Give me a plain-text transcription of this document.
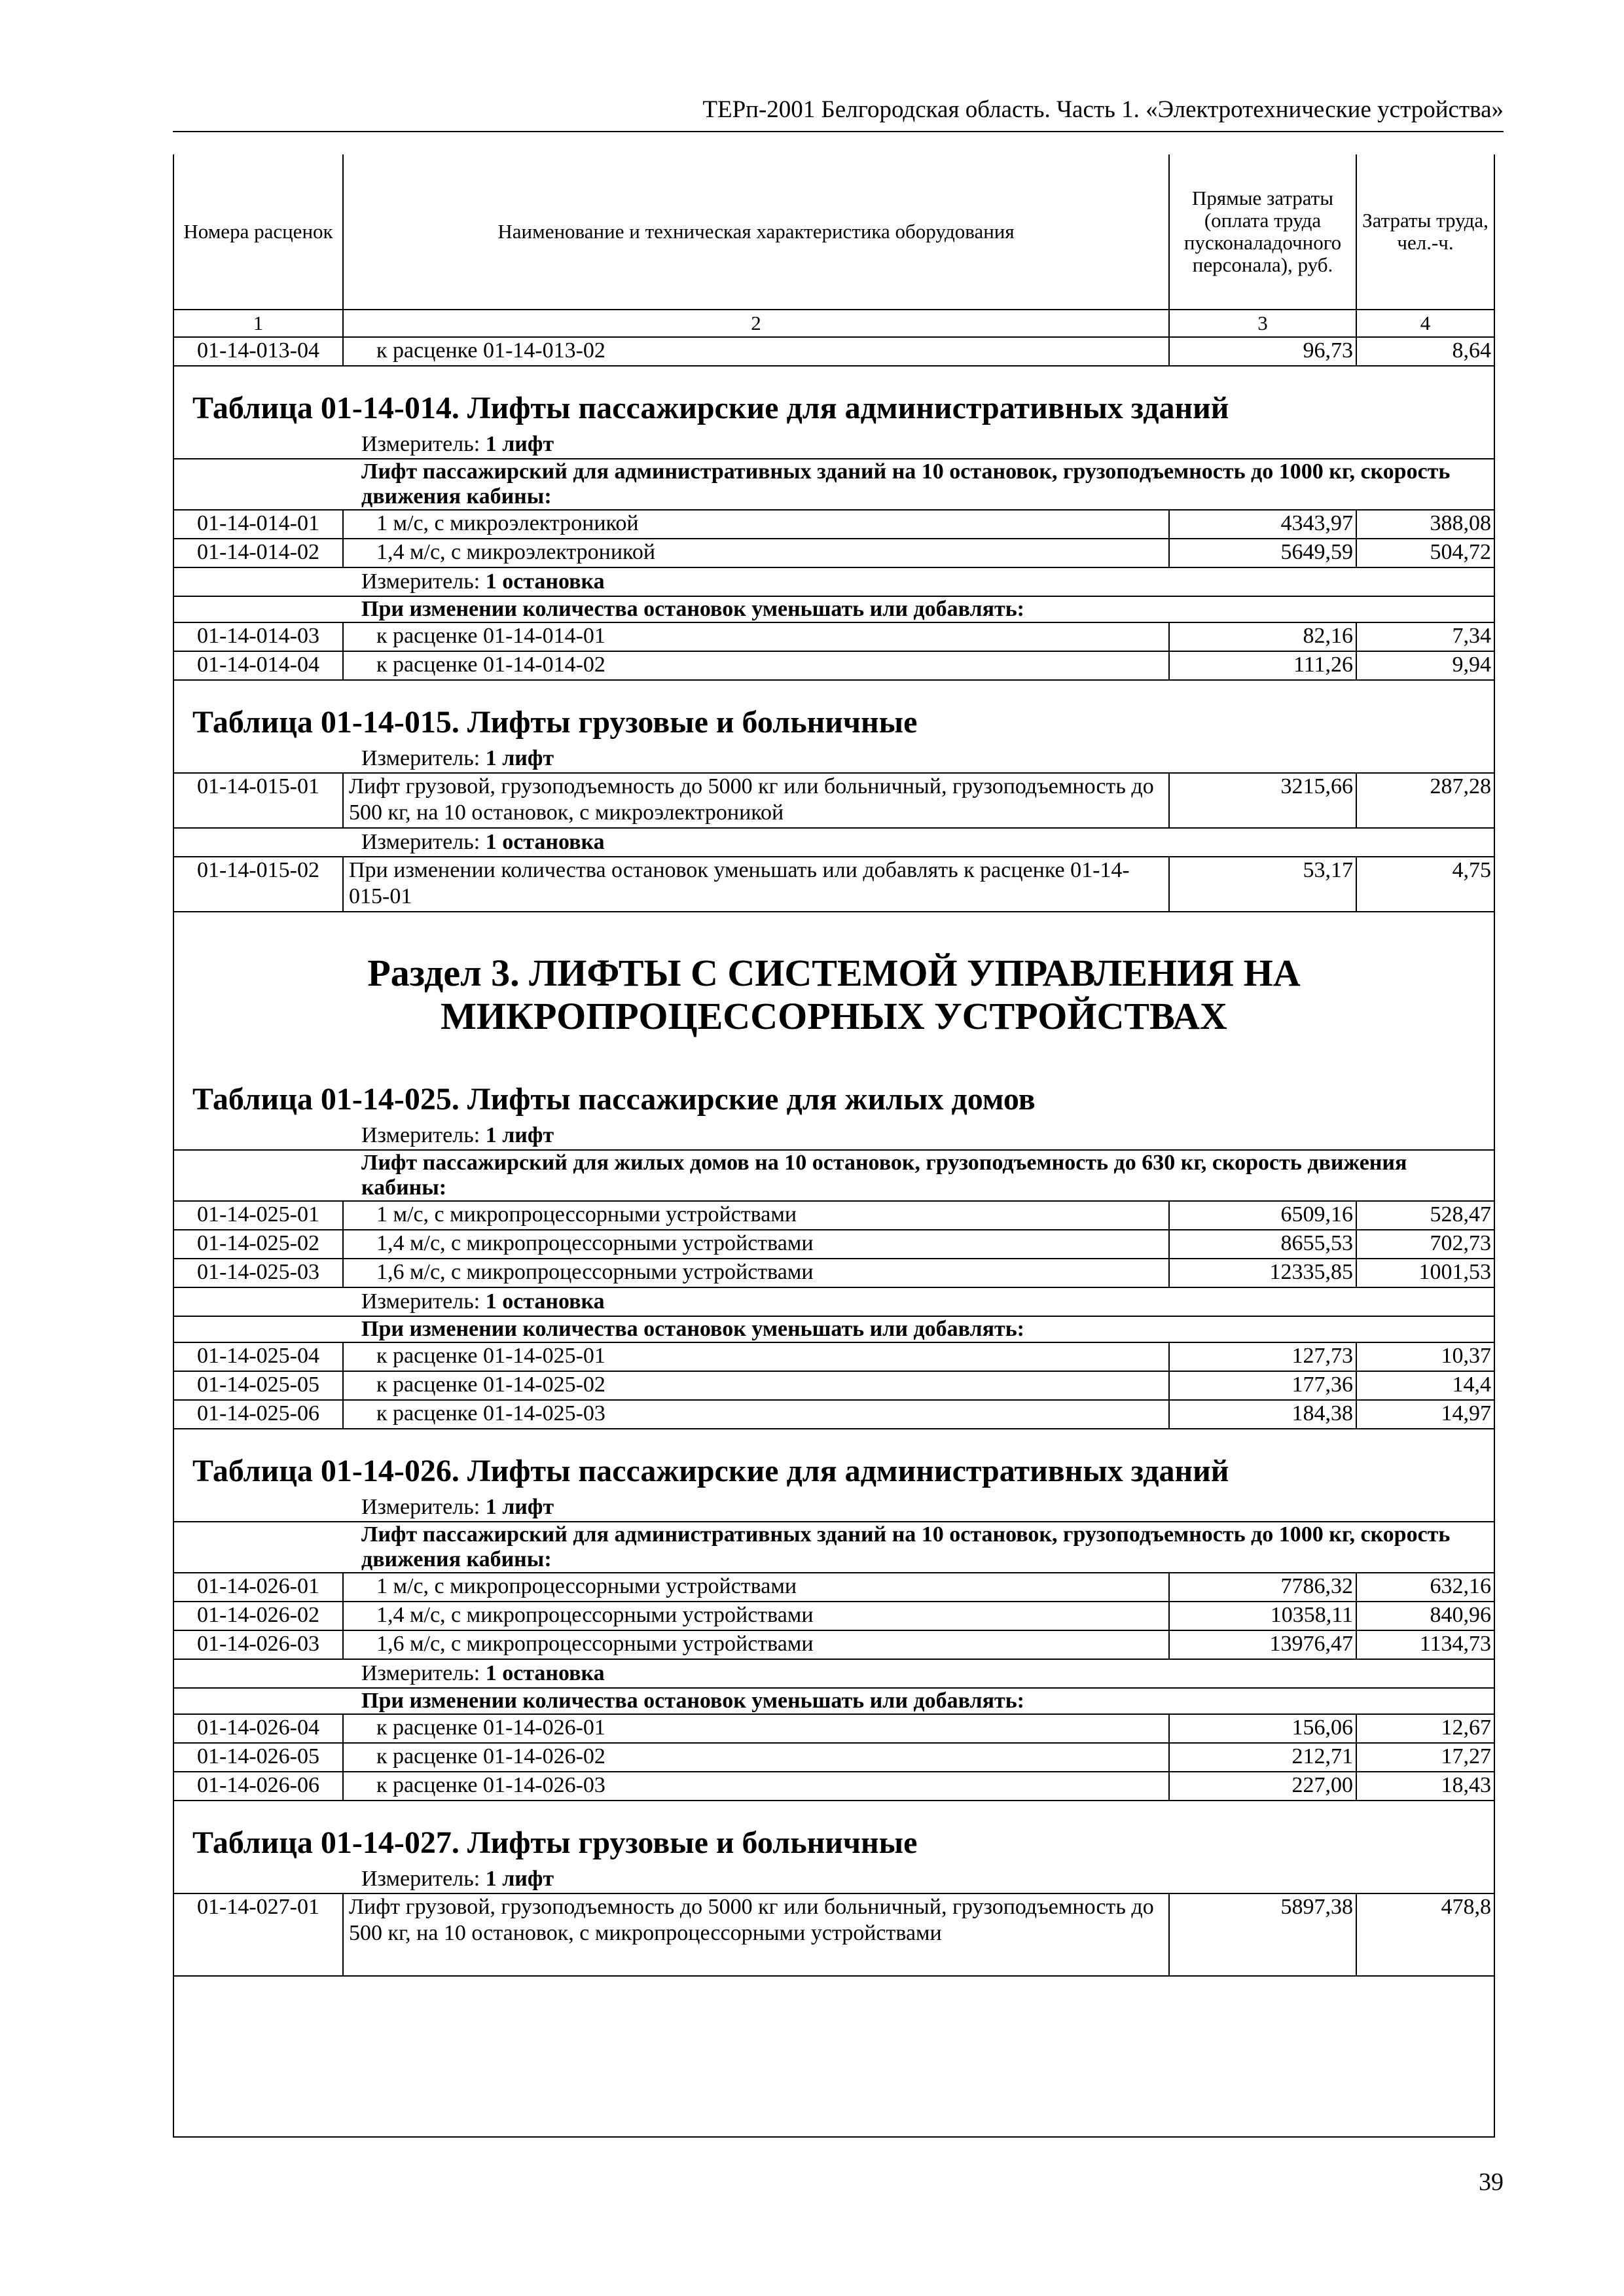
ТЕРп-2001 Белгородская область. Часть 1. «Электротехнические устройства»
Номера расценок	Наименование и техническая характеристика оборудования	Прямые затраты (оплата труда пусконаладочного персонала), руб.	Затраты труда, чел.-ч.
1	2	3	4
01-14-013-04	к расценке 01-14-013-02	96,73	8,64
Таблица 01-14-014. Лифты пассажирские для административных зданий			
	Измеритель: 1 лифт		
	Лифт пассажирский для административных зданий на 10 остановок, грузоподъемность до 1000 кг, скорость движения кабины:		
01-14-014-01	1 м/с, с микроэлектроникой	4343,97	388,08
01-14-014-02	1,4 м/с, с микроэлектроникой	5649,59	504,72
	Измеритель: 1 остановка		
	При изменении количества остановок уменьшать или добавлять:		
01-14-014-03	к расценке 01-14-014-01	82,16	7,34
01-14-014-04	к расценке 01-14-014-02	111,26	9,94
Таблица 01-14-015. Лифты грузовые и больничные			
	Измеритель: 1 лифт		
01-14-015-01	Лифт грузовой, грузоподъемность до 5000 кг или больничный, грузоподъемность до 500 кг, на 10 остановок, с микроэлектроникой	3215,66	287,28
	Измеритель: 1 остановка		
01-14-015-02	При изменении количества остановок уменьшать или добавлять к расценке 01-14-015-01	53,17	4,75
Раздел 3. ЛИФТЫ С СИСТЕМОЙ УПРАВЛЕНИЯ НА
МИКРОПРОЦЕССОРНЫХ УСТРОЙСТВАХ			
Таблица 01-14-025. Лифты пассажирские для жилых домов			
	Измеритель: 1 лифт		
	Лифт пассажирский для жилых домов на 10 остановок, грузоподъемность до 630 кг, скорость движения кабины:		
01-14-025-01	1 м/с, с микропроцессорными устройствами	6509,16	528,47
01-14-025-02	1,4 м/с, с микропроцессорными устройствами	8655,53	702,73
01-14-025-03	1,6 м/с, с микропроцессорными устройствами	12335,85	1001,53
	Измеритель: 1 остановка		
	При изменении количества остановок уменьшать или добавлять:		
01-14-025-04	к расценке 01-14-025-01	127,73	10,37
01-14-025-05	к расценке 01-14-025-02	177,36	14,4
01-14-025-06	к расценке 01-14-025-03	184,38	14,97
Таблица 01-14-026. Лифты пассажирские для административных зданий			
	Измеритель: 1 лифт		
	Лифт пассажирский для административных зданий на 10 остановок, грузоподъемность до 1000 кг, скорость движения кабины:		
01-14-026-01	1 м/с, с микропроцессорными устройствами	7786,32	632,16
01-14-026-02	1,4 м/с, с микропроцессорными устройствами	10358,11	840,96
01-14-026-03	1,6 м/с, с микропроцессорными устройствами	13976,47	1134,73
	Измеритель: 1 остановка		
	При изменении количества остановок уменьшать или добавлять:		
01-14-026-04	к расценке 01-14-026-01	156,06	12,67
01-14-026-05	к расценке 01-14-026-02	212,71	17,27
01-14-026-06	к расценке 01-14-026-03	227,00	18,43
Таблица 01-14-027. Лифты грузовые и больничные			
	Измеритель: 1 лифт		
01-14-027-01	Лифт грузовой, грузоподъемность до 5000 кг или больничный, грузоподъемность до 500 кг, на 10 остановок, с микропроцессорными устройствами	5897,38	478,8
39
